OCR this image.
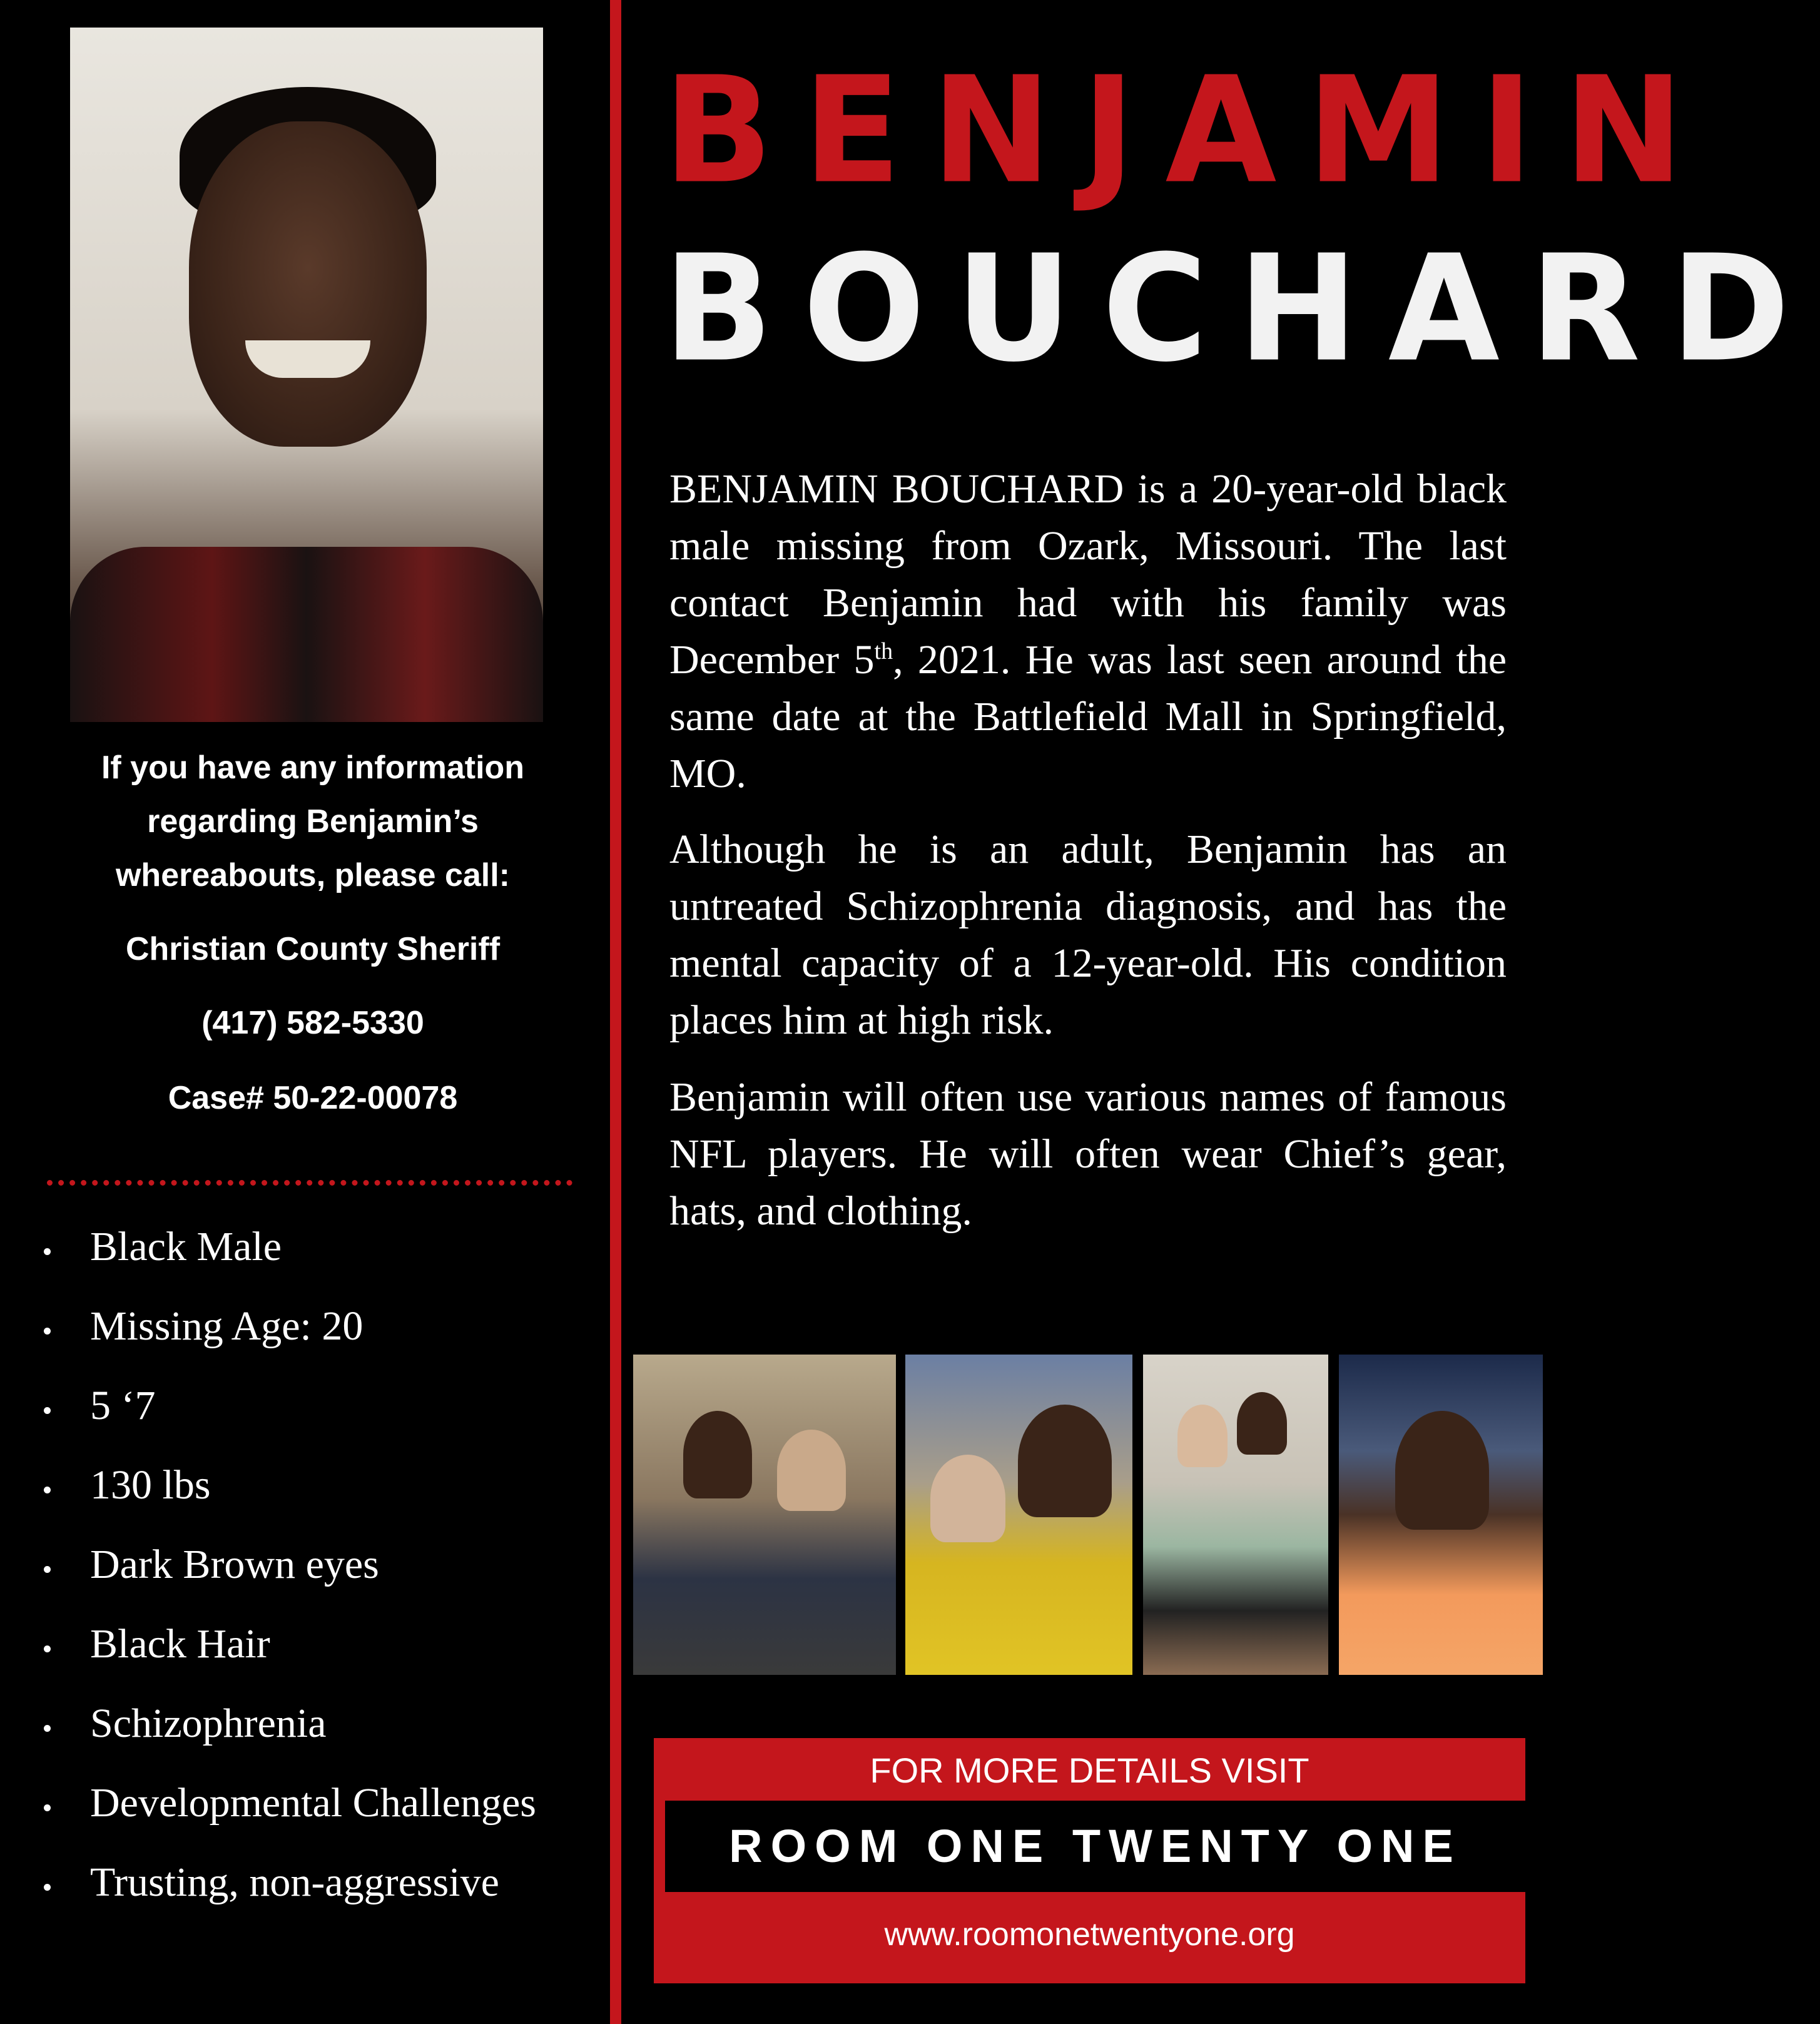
If you have any information
regarding Benjamin’s
whereabouts, please call:
Christian County Sheriff
(417) 582-5330
Case# 50-22-00078
Black Male
Missing Age: 20
5 ‘7
130 lbs
Dark Brown eyes
Black Hair
Schizophrenia
Developmental Challenges
Trusting, non-aggressive
BENJAMIN
BOUCHARD

BENJAMIN BOUCHARD is a 20-year-old black male missing from Ozark, Missouri. The last contact Benjamin had with his family was December 5th, 2021. He was last seen around the same date at the Battlefield Mall in Springfield, MO.

Although he is an adult, Benjamin has an untreated Schizophrenia diagnosis, and has the mental capacity of a 12-year-old. His condition places him at high risk.

Benjamin will often use various names of famous NFL players. He will often wear Chief’s gear, hats, and clothing.

FOR MORE DETAILS VISIT
ROOM ONE TWENTY ONE
www.roomonetwentyone.org
